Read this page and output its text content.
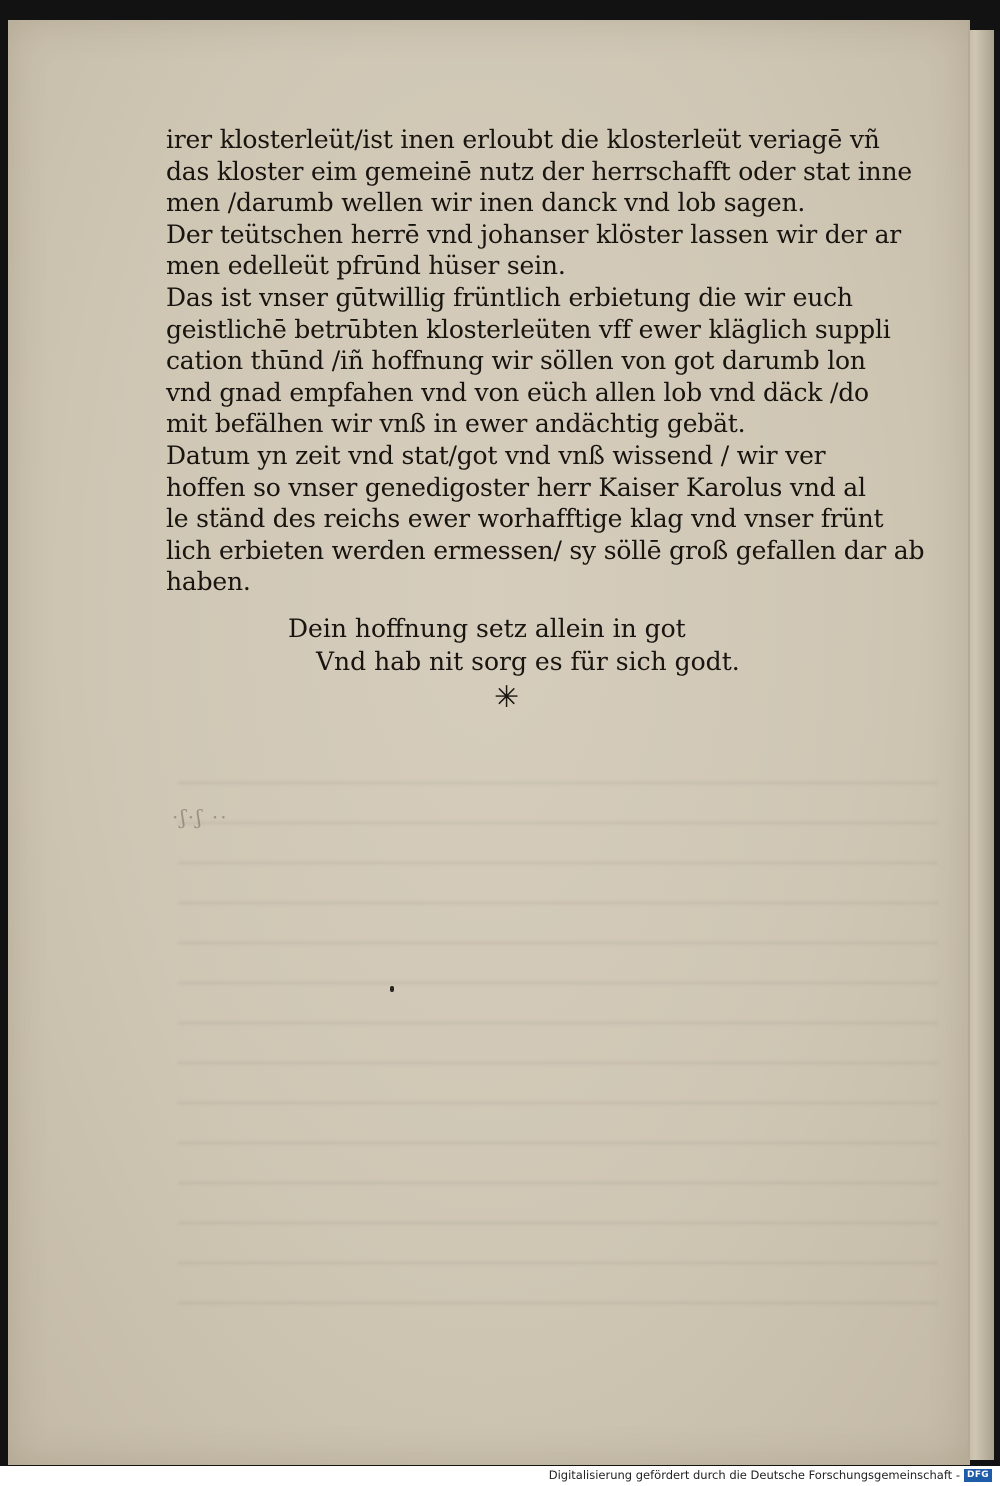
·ʃ·ʃ ··
irer klosterleüt/ist inen erloubt die klosterleüt veriagē vñ
das kloster eim gemeinē nutz der herrschafft oder stat inne
men /darumb wellen wir inen danck vnd lob sagen.
Der teütschen herrē vnd johanser klöster lassen wir der ar
men edelleüt pfrūnd hüser sein.
Das ist vnser gūtwillig früntlich erbietung die wir euch
geistlichē betrūbten klosterleüten vff ewer kläglich suppli
cation thūnd /iñ hoffnung wir söllen von got darumb lon
vnd gnad empfahen vnd von eüch allen lob vnd däck /do
mit befälhen wir vnß in ewer andächtig gebät.
Datum yn zeit vnd stat/got vnd vnß wissend / wir ver
hoffen so vnser genedigoster herr Kaiser Karolus vnd al
le ständ des reichs ewer worhafftige klag vnd vnser frünt
lich erbieten werden ermessen/ sy söllē groß gefallen dar ab
haben.
Dein hoffnung setz allein in got
Vnd hab nit sorg es für sich godt.
✳
Digitalisierung gefördert durch die Deutsche Forschungsgemeinschaft - DFG
